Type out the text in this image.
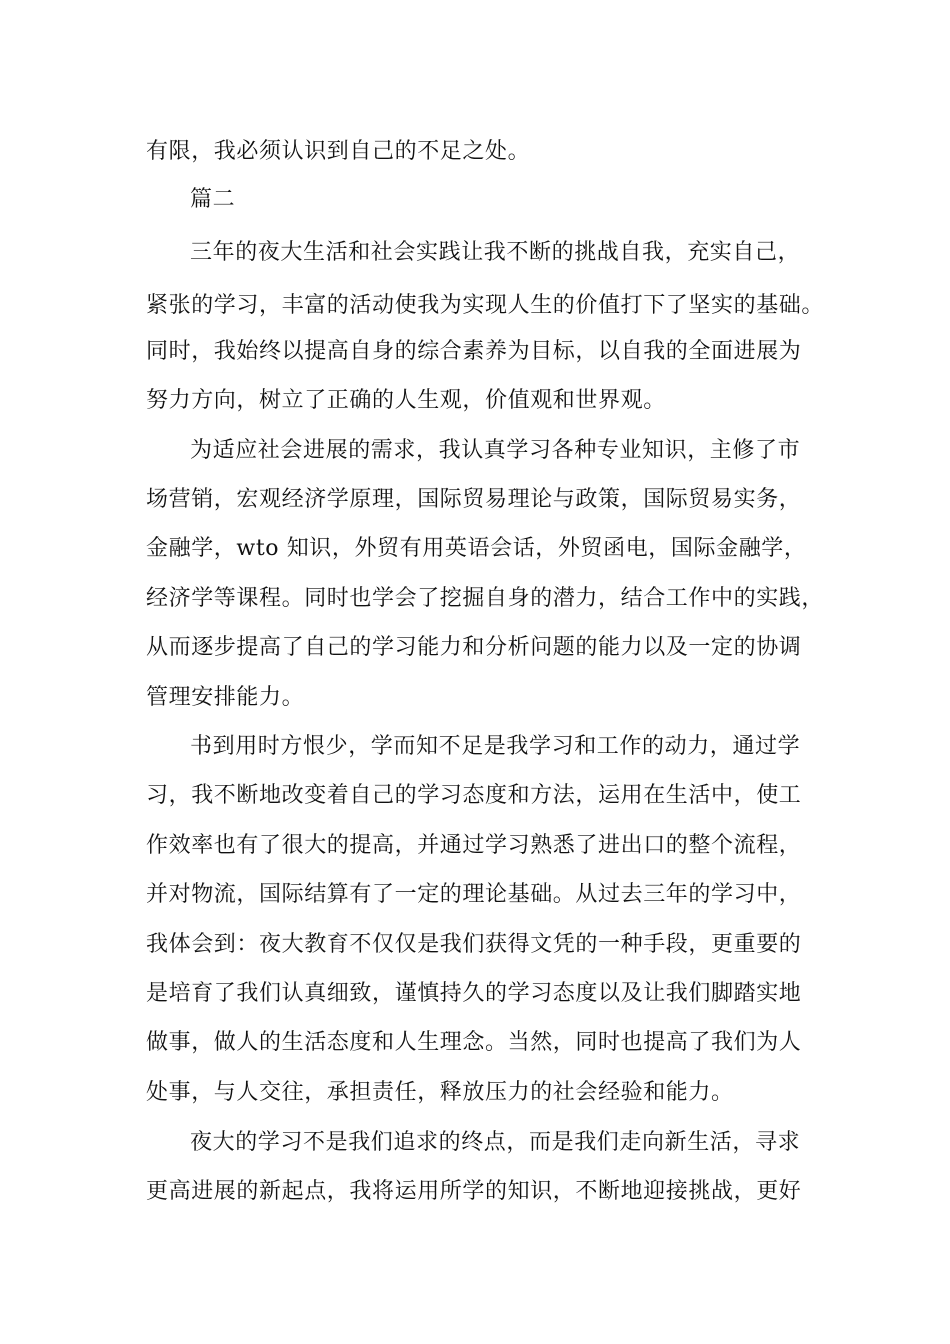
有限，我必须认识到自己的不足之处。
篇二
三年的夜大生活和社会实践让我不断的挑战自我，充实自己，
紧张的学习，丰富的活动使我为实现人生的价值打下了坚实的基础。
同时，我始终以提高自身的综合素养为目标，以自我的全面进展为
努力方向，树立了正确的人生观，价值观和世界观。
为适应社会进展的需求，我认真学习各种专业知识，主修了市
场营销，宏观经济学原理，国际贸易理论与政策，国际贸易实务，
金融学，wto 知识，外贸有用英语会话，外贸函电，国际金融学，
经济学等课程。同时也学会了挖掘自身的潜力，结合工作中的实践，
从而逐步提高了自己的学习能力和分析问题的能力以及一定的协调
管理安排能力。
书到用时方恨少，学而知不足是我学习和工作的动力，通过学
习，我不断地改变着自己的学习态度和方法，运用在生活中，使工
作效率也有了很大的提高，并通过学习熟悉了进出口的整个流程，
并对物流，国际结算有了一定的理论基础。从过去三年的学习中，
我体会到：夜大教育不仅仅是我们获得文凭的一种手段，更重要的
是培育了我们认真细致，谨慎持久的学习态度以及让我们脚踏实地
做事，做人的生活态度和人生理念。当然，同时也提高了我们为人
处事，与人交往，承担责任，释放压力的社会经验和能力。
夜大的学习不是我们追求的终点，而是我们走向新生活，寻求
更高进展的新起点，我将运用所学的知识，不断地迎接挑战，更好
